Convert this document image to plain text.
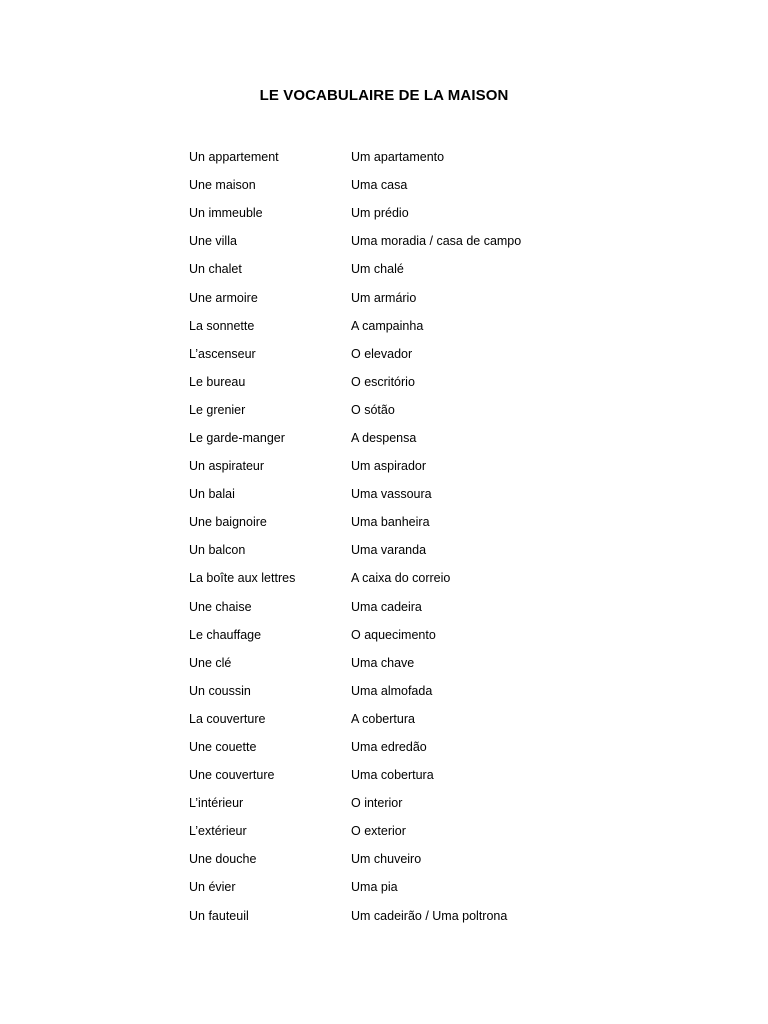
LE VOCABULAIRE DE LA MAISON
Un appartement	Um apartamento
Une maison	Uma casa
Un immeuble	Um prédio
Une villa	Uma moradia / casa de campo
Un chalet	Um chalé
Une armoire	Um armário
La sonnette	A campainha
L’ascenseur	O elevador
Le bureau	O escritório
Le grenier	O sótão
Le garde-manger	A despensa
Un aspirateur	Um aspirador
Un balai	Uma vassoura
Une baignoire	Uma banheira
Un balcon	Uma varanda
La boîte aux lettres	A caixa do correio
Une chaise	Uma cadeira
Le chauffage	O aquecimento
Une clé	Uma chave
Un coussin	Uma almofada
La couverture	A cobertura
Une couette	Uma edredão
Une couverture	Uma cobertura
L’intérieur	O interior
L’extérieur	O exterior
Une douche	Um chuveiro
Un évier	Uma pia
Un fauteuil	Um cadeirão / Uma poltrona
